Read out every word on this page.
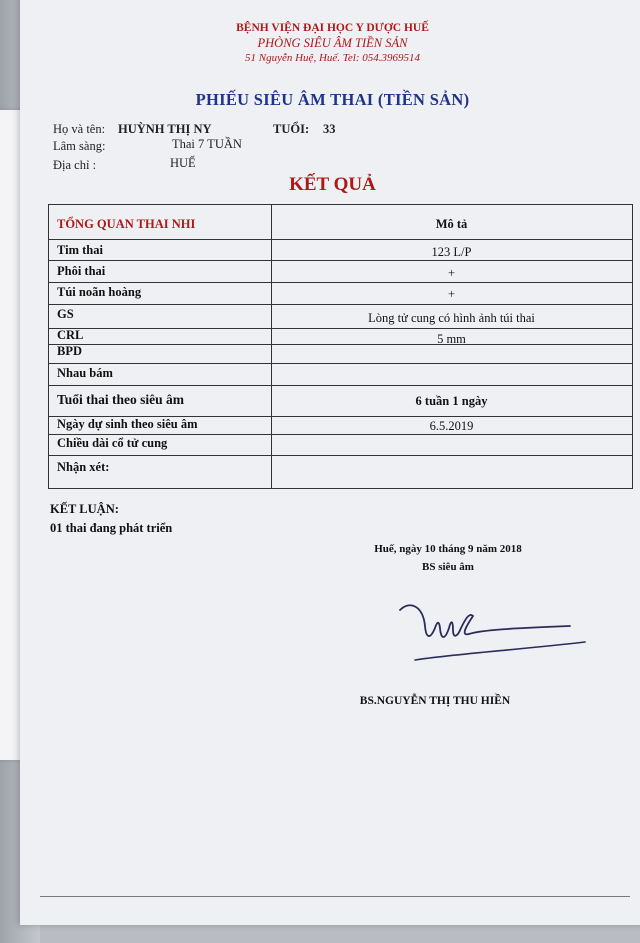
BỆNH VIỆN ĐẠI HỌC Y DƯỢC HUẾ
PHÒNG SIÊU ÂM TIỀN SẢN
51 Nguyễn Huệ, Huế. Tel: 054.3969514
PHIẾU SIÊU ÂM THAI (TIỀN SẢN)
Họ và tên: HUỲNH THỊ NY	TUỔI: 33
Lâm sàng:	Thai 7 TUẦN
Địa chỉ :	HUẾ
KẾT QUẢ
TỔNG QUAN THAI NHI	Mô tả
Tim thai	123 L/P
Phôi thai	+
Túi noãn hoàng	+
GS	Lòng tử cung có hình ảnh túi thai
CRL	5 mm
BPD
Nhau bám
Tuổi thai theo siêu âm	6 tuần 1 ngày
Ngày dự sinh theo siêu âm	6.5.2019
Chiều dài cổ tử cung
Nhận xét:
KẾT LUẬN:
01 thai đang phát triển
Huế, ngày 10 tháng 9 năm 2018
BS siêu âm
BS.NGUYỄN THỊ THU HIỀN
